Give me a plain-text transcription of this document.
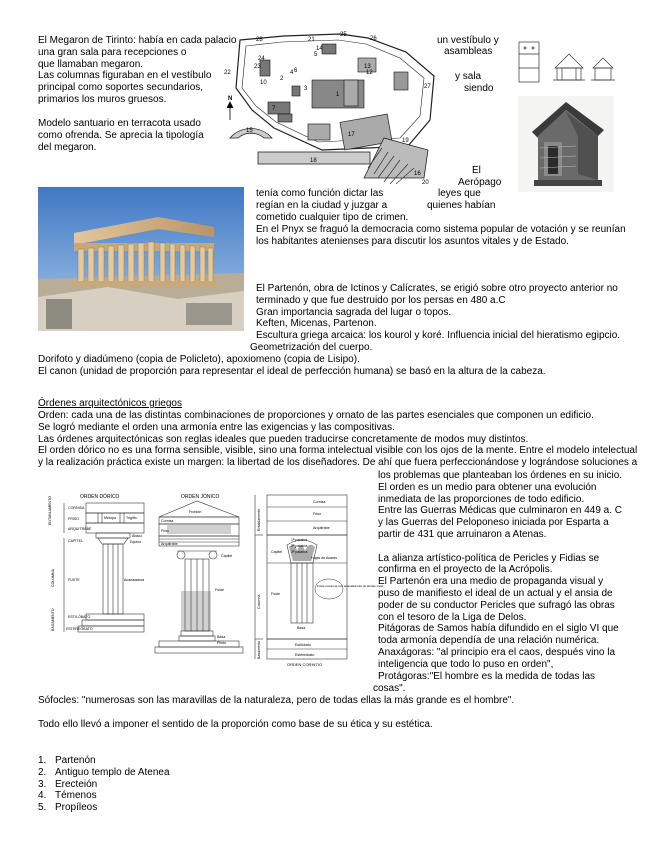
El Megaron de Tirinto: había en cada palacio
una gran sala para recepciones o
que llamaban megaron.
Las columnas figuraban en el vestíbulo
principal como soportes secundarios,
primarios los muros gruesos.
un vestíbulo y
asambleas
y sala
siendo
Modelo santuario en terracota usado
como ofrenda. Se aprecia la tipología
del megaron.
El
Aerópago
tenía como función dictar las	leyes que
regían en la ciudad y juzgar a	quienes habían
cometido cualquier tipo de crimen.
En el Pnyx se fraguó la democracia como sistema popular de votación y se reunían
los habitantes atenienses para discutir los asuntos vitales y de Estado.
El Partenón, obra de Ictinos y Calícrates, se erigió sobre otro proyecto anterior no
terminado y que fue destruido por los persas en 480 a.C
Gran importancia sagrada del lugar o topos.
Keften, Micenas, Partenon.
Escultura griega arcaica: los kourol y koré. Influencia inicial del hieratismo egipcio.
Geometrización del cuerpo.
Dorifoto y diadúmeno (copia de Policleto), apoxiomeno (copia de Lisipo).
El canon (unidad de proporción para representar el ideal de perfección humana) se basó en la altura de la cabeza.
Órdenes arquitectónicos griegos
Orden: cada una de las distintas combinaciones de proporciones y ornato de las partes esenciales que componen un edificio.
Se logró mediante el orden una armonía entre las exigencias y las compositivas.
Las órdenes arquitectónicas son reglas ideales que pueden traducirse concretamente de modos muy distintos.
El orden dórico no es una forma sensible, visible, sino una forma intelectual visible con los ojos de la mente. Entre el modelo intelectual
y la realización práctica existe un margen: la libertad de los diseñadores. De ahí que fuera perfeccionándose y lográndose soluciones a
los problemas que planteaban los órdenes en su inicio.
El orden es un medio para obtener una evolución
inmediata de las proporciones de todo edificio.
Entre las Guerras Médicas que culminaron en 449 a. C
y las Guerras del Peloponeso iniciada por Esparta a
partir de 431 que arruinaron a Atenas.
La alianza artístico-política de Pericles y Fidias se
confirma en el proyecto de la Acrópolis.
El Partenón era una medio de propaganda visual y
puso de manifiesto el ideal de un actual y el ansia de
poder de su conductor Pericles que sufragó las obras
con el tesoro de la Liga de Delos.
Pitágoras de Samos había difundido en el siglo VI que
toda armonía dependía de una relación numérica.
Anaxágoras: "al principio era el caos, después vino la
inteligencia que todo lo puso en orden",
Protágoras:"El hombre es la medida de todas las
cosas".
Sófocles: "numerosas son las maravillas de la naturaleza, pero de todas ellas la más grande es el hombre".
Todo ello llevó a imponer el sentido de la proporción como base de su ética y su estética.
1. Partenón
2. Antiguo templo de Atenea
3. Erecteión
4. Témenos
5. Propíleos
28	21
25
26
22
24
23
1
6
13
27
2
4
5
10
19
17
15
18
20
16
14
12
3
7
N
ORDEN DÓRICO
CORNISA
FRISO
ARQUITRABE
CAPITEL
FUSTE
ESTILÓBATO
ESTEREÓBATO
ENTABLAMENTO
COLUMNA
BASAMENTO
Triglifo
Metopa
Ábaco
Equino
Acanaladura
ORDEN JÓNICO
Frontón
Cornisa
Friso
Arquitrabe
Capitel
Fuste
Basa
Plinto
Cornisa
Friso
Arquitrabe
Capitel
Columna
Fuste
Basa
Estilóbato
Estereóbato
Entablamento
Basamento
1ª palabra
2ª palabra
3ª palabra
Hojas de Acanto
Fuste Columna con acanaladuras de aristas vivas
ORDEN CORINTIO
